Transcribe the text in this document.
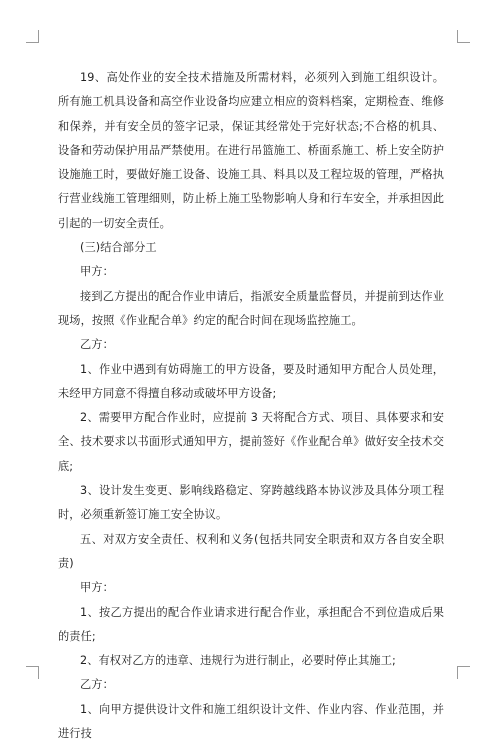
19、高处作业的安全技术措施及所需材料，必须列入到施工组织设计。所有施工机具设备和高空作业设备均应建立相应的资料档案，定期检查、维修和保养，并有安全员的签字记录，保证其经常处于完好状态;不合格的机具、设备和劳动保护用品严禁使用。在进行吊篮施工、桥面系施工、桥上安全防护设施施工时，要做好施工设备、设施工具、料具以及工程垃圾的管理，严格执行营业线施工管理细则，防止桥上施工坠物影响人身和行车安全，并承担因此引起的一切安全责任。

(三)结合部分工

甲方：

接到乙方提出的配合作业申请后，指派安全质量监督员，并提前到达作业现场，按照《作业配合单》约定的配合时间在现场监控施工。

乙方：

1、作业中遇到有妨碍施工的甲方设备，要及时通知甲方配合人员处理，未经甲方同意不得擅自移动或破坏甲方设备;

2、需要甲方配合作业时，应提前 3 天将配合方式、项目、具体要求和安全、技术要求以书面形式通知甲方，提前签好《作业配合单》做好安全技术交底;

3、设计发生变更、影响线路稳定、穿跨越线路本协议涉及具体分项工程时，必须重新签订施工安全协议。

五、对双方安全责任、权利和义务(包括共同安全职责和双方各自安全职责)

甲方：

1、按乙方提出的配合作业请求进行配合作业，承担配合不到位造成后果的责任;

2、有权对乙方的违章、违规行为进行制止，必要时停止其施工;

乙方：

1、向甲方提供设计文件和施工组织设计文件、作业内容、作业范围，并进行技
